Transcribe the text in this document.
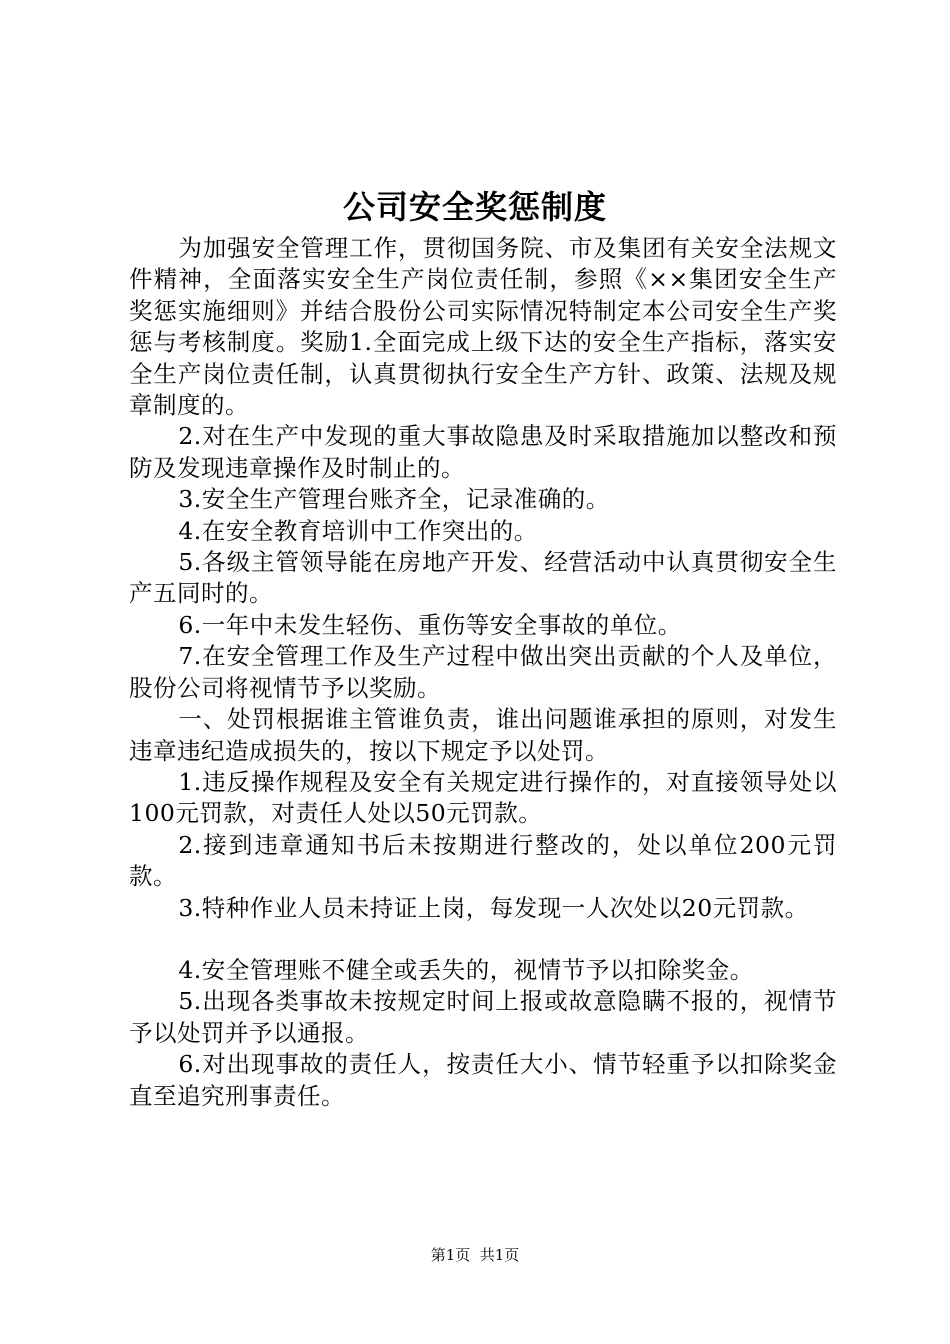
公司安全奖惩制度

为加强安全管理工作，贯彻国务院、市及集团有关安全法规文件精神，全面落实安全生产岗位责任制，参照《××集团安全生产奖惩实施细则》并结合股份公司实际情况特制定本公司安全生产奖惩与考核制度。奖励1.全面完成上级下达的安全生产指标，落实安全生产岗位责任制，认真贯彻执行安全生产方针、政策、法规及规章制度的。

2.对在生产中发现的重大事故隐患及时采取措施加以整改和预防及发现违章操作及时制止的。

3.安全生产管理台账齐全，记录准确的。

4.在安全教育培训中工作突出的。

5.各级主管领导能在房地产开发、经营活动中认真贯彻安全生产五同时的。

6.一年中未发生轻伤、重伤等安全事故的单位。

7.在安全管理工作及生产过程中做出突出贡献的个人及单位，股份公司将视情节予以奖励。

一、处罚根据谁主管谁负责，谁出问题谁承担的原则，对发生违章违纪造成损失的，按以下规定予以处罚。

1.违反操作规程及安全有关规定进行操作的，对直接领导处以100元罚款，对责任人处以50元罚款。

2.接到违章通知书后未按期进行整改的，处以单位200元罚款。

3.特种作业人员未持证上岗，每发现一人次处以20元罚款。

4.安全管理账不健全或丢失的，视情节予以扣除奖金。

5.出现各类事故未按规定时间上报或故意隐瞒不报的，视情节予以处罚并予以通报。

6.对出现事故的责任人，按责任大小、情节轻重予以扣除奖金直至追究刑事责任。

第1页  共1页
